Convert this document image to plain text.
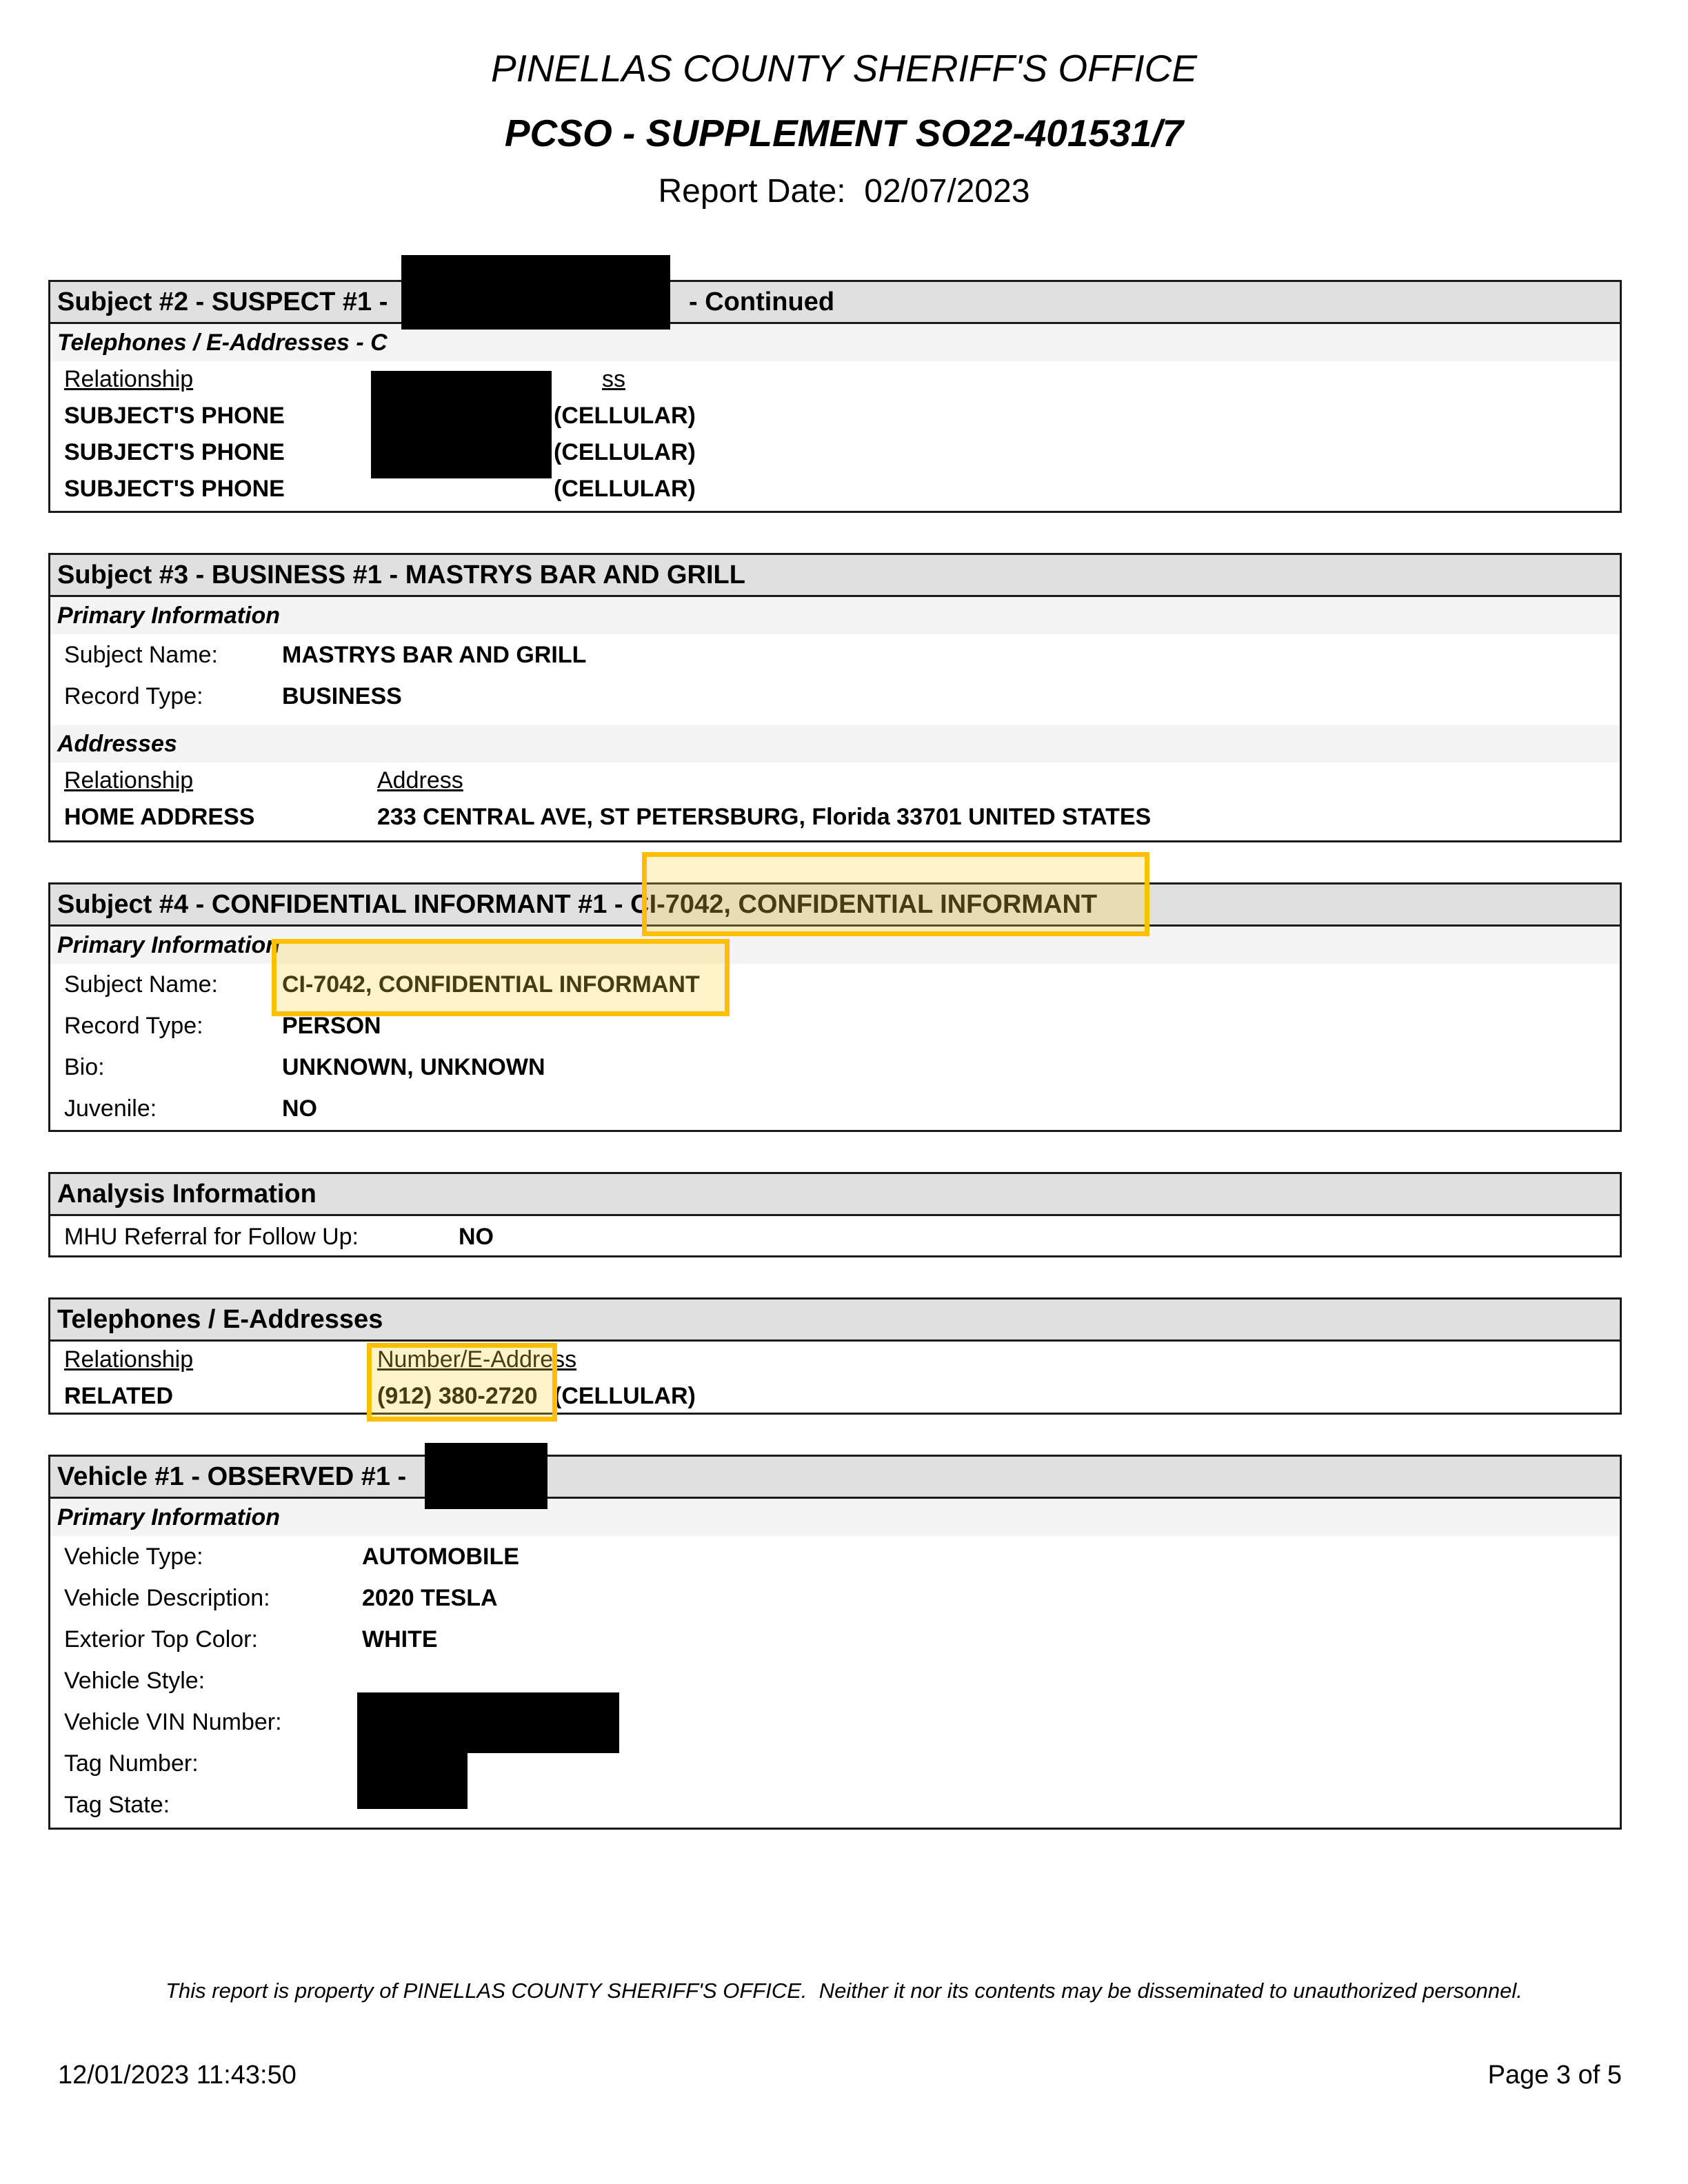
PINELLAS COUNTY SHERIFF'S OFFICE
PCSO - SUPPLEMENT SO22-401531/7
Report Date: 02/07/2023
Subject #2 - SUSPECT #1 -	- Continued
Telephones / E-Addresses - C
Relationship	ss
SUBJECT'S PHONE	(CELLULAR)
SUBJECT'S PHONE	(CELLULAR)
SUBJECT'S PHONE	(CELLULAR)
Subject #3 - BUSINESS #1 - MASTRYS BAR AND GRILL
Primary Information
Subject Name:	MASTRYS BAR AND GRILL
Record Type:	BUSINESS
Addresses
Relationship	Address
HOME ADDRESS	233 CENTRAL AVE, ST PETERSBURG, Florida 33701 UNITED STATES
Subject #4 - CONFIDENTIAL INFORMANT #1 - CI-7042, CONFIDENTIAL INFORMANT
Primary Information
Subject Name:	CI-7042, CONFIDENTIAL INFORMANT
Record Type:	PERSON
Bio:	UNKNOWN, UNKNOWN
Juvenile:	NO
Analysis Information
MHU Referral for Follow Up:	NO
Telephones / E-Addresses
Relationship	Number/E-Address
RELATED	(912) 380-2720 (CELLULAR)
Vehicle #1 - OBSERVED #1 -
Primary Information
Vehicle Type:	AUTOMOBILE
Vehicle Description:	2020 TESLA
Exterior Top Color:	WHITE
Vehicle Style:
Vehicle VIN Number:
Tag Number:
Tag State:
This report is property of PINELLAS COUNTY SHERIFF'S OFFICE.  Neither it nor its contents may be disseminated to unauthorized personnel.
12/01/2023 11:43:50	Page 3 of 5
